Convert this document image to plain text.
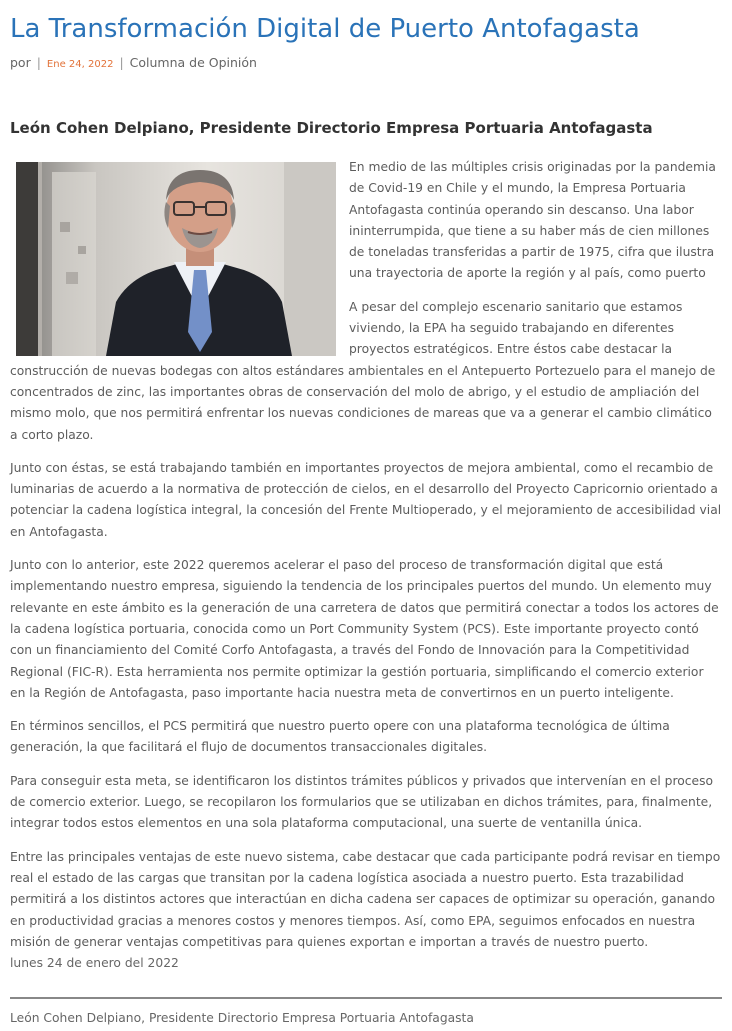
La Transformación Digital de Puerto Antofagasta
por | Ene 24, 2022 | Columna de Opinión
León Cohen Delpiano, Presidente Directorio Empresa Portuaria Antofagasta

En medio de las múltiples crisis originadas por la pandemia de Covid-19 en Chile y el mundo, la Empresa Portuaria Antofagasta continúa operando sin descanso. Una labor ininterrumpida, que tiene a su haber más de cien millones de toneladas transferidas a partir de 1975, cifra que ilustra una trayectoria de aporte la región y al país, como puerto

A pesar del complejo escenario sanitario que estamos viviendo, la EPA ha seguido trabajando en diferentes proyectos estratégicos. Entre éstos cabe destacar la construcción de nuevas bodegas con altos estándares ambientales en el Antepuerto Portezuelo para el manejo de concentrados de zinc, las importantes obras de conservación del molo de abrigo, y el estudio de ampliación del mismo molo, que nos permitirá enfrentar los nuevas condiciones de mareas que va a generar el cambio climático a corto plazo.

Junto con éstas, se está trabajando también en importantes proyectos de mejora ambiental, como el recambio de luminarias de acuerdo a la normativa de protección de cielos, en el desarrollo del Proyecto Capricornio orientado a potenciar la cadena logística integral, la concesión del Frente Multioperado, y el mejoramiento de accesibilidad vial en Antofagasta.

Junto con lo anterior, este 2022 queremos acelerar el paso del proceso de transformación digital que está implementando nuestro empresa, siguiendo la tendencia de los principales puertos del mundo. Un elemento muy relevante en este ámbito es la generación de una carretera de datos que permitirá conectar a todos los actores de la cadena logística portuaria, conocida como un Port Community System (PCS). Este importante proyecto contó con un financiamiento del Comité Corfo Antofagasta, a través del Fondo de Innovación para la Competitividad Regional (FIC-R). Esta herramienta nos permite optimizar la gestión portuaria, simplificando el comercio exterior en la Región de Antofagasta, paso importante hacia nuestra meta de convertirnos en un puerto inteligente.

En términos sencillos, el PCS permitirá que nuestro puerto opere con una plataforma tecnológica de última generación, la que facilitará el flujo de documentos transaccionales digitales.

Para conseguir esta meta, se identificaron los distintos trámites públicos y privados que intervenían en el proceso de comercio exterior. Luego, se recopilaron los formularios que se utilizaban en dichos trámites, para, finalmente, integrar todos estos elementos en una sola plataforma computacional, una suerte de ventanilla única.

Entre las principales ventajas de este nuevo sistema, cabe destacar que cada participante podrá revisar en tiempo real el estado de las cargas que transitan por la cadena logística asociada a nuestro puerto. Esta trazabilidad permitirá a los distintos actores que interactúan en dicha cadena ser capaces de optimizar su operación, ganando en productividad gracias a menores costos y menores tiempos. Así, como EPA, seguimos enfocados en nuestra misión de generar ventajas competitivas para quienes exportan e importan a través de nuestro puerto.

lunes 24 de enero del 2022
León Cohen Delpiano, Presidente Directorio Empresa Portuaria Antofagasta
